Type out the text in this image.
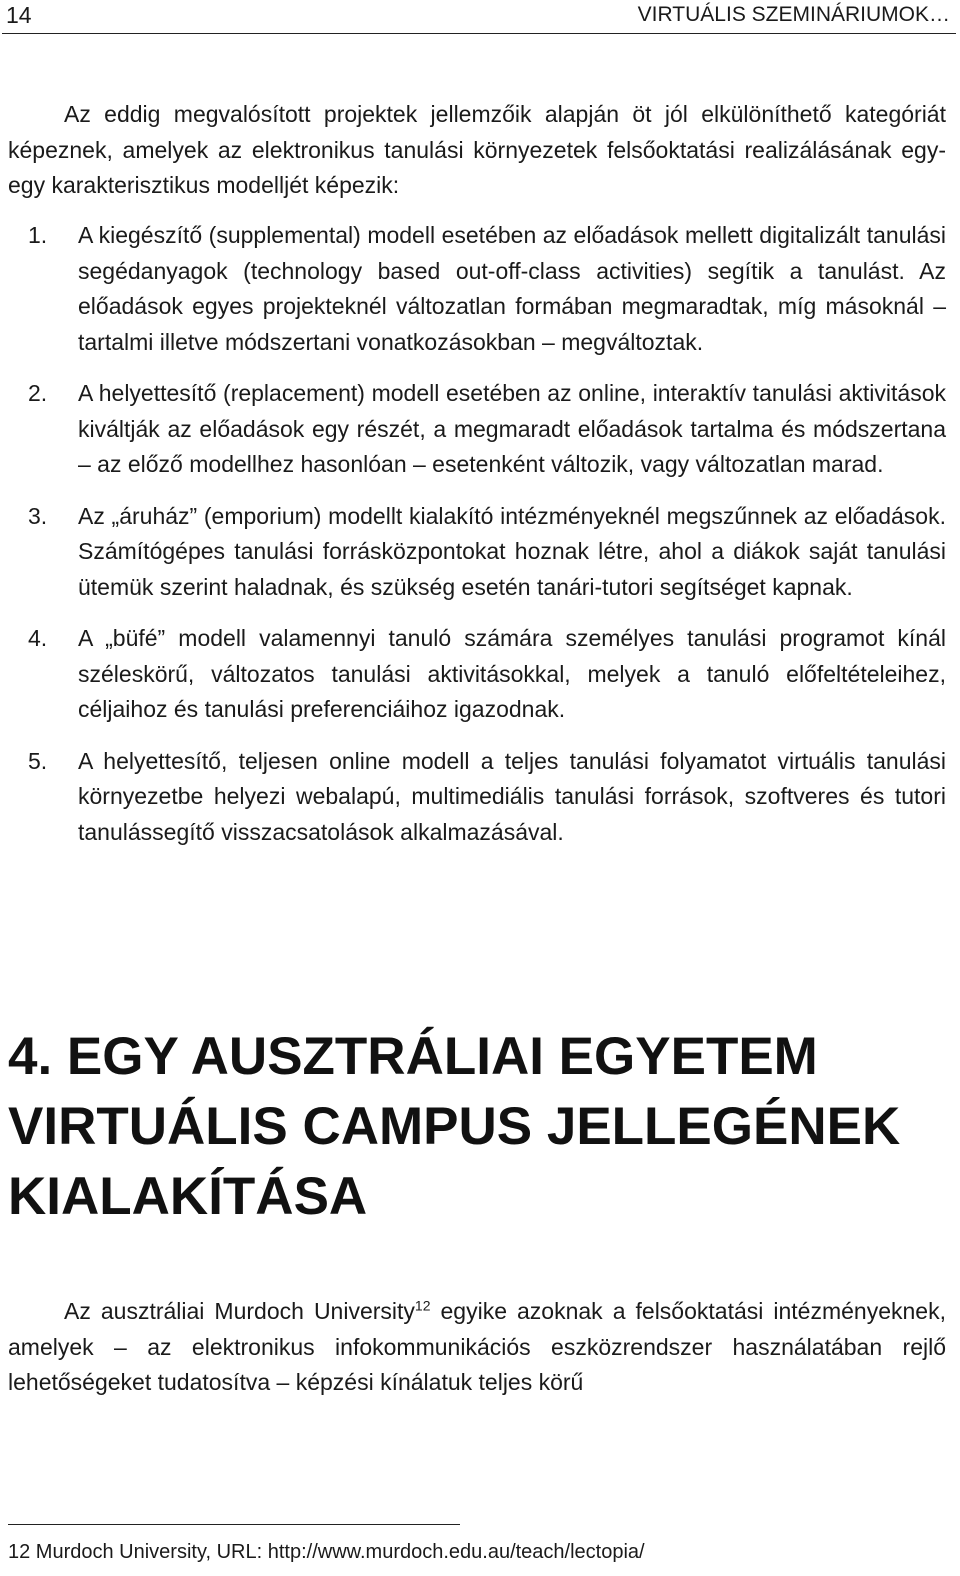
14	VIRTUÁLIS SZEMINÁRIUMOK…

Az eddig megvalósított projektek jellemzőik alapján öt jól elkülöníthető kategóriát képeznek, amelyek az elektronikus tanulási környezetek felsőoktatási realizálásának egy- egy karakterisztikus modelljét képezik:

1. A kiegészítő (supplemental) modell esetében az előadások mellett digitalizált tanulási segédanyagok (technology based out-off-class activities) segítik a tanulást. Az előadások egyes projekteknél változatlan formában megmaradtak, míg másoknál – tartalmi illetve módszertani vonatkozásokban – megváltoztak.
2. A helyettesítő (replacement) modell esetében az online, interaktív tanulási aktivitások kiváltják az előadások egy részét, a megmaradt előadások tartalma és módszertana – az előző modellhez hasonlóan – esetenként változik, vagy változatlan marad.
3. Az „áruház” (emporium) modellt kialakító intézményeknél megszűnnek az előadások. Számítógépes tanulási forrásközpontokat hoznak létre, ahol a diákok saját tanulási ütemük szerint haladnak, és szükség esetén tanári-tutori segítséget kapnak.
4. A „büfé” modell valamennyi tanuló számára személyes tanulási programot kínál széleskörű, változatos tanulási aktivitásokkal, melyek a tanuló előfeltételeihez, céljaihoz és tanulási preferenciáihoz igazodnak.
5. A helyettesítő, teljesen online modell a teljes tanulási folyamatot virtuális tanulási környezetbe helyezi webalapú, multimediális tanulási források, szoftveres és tutori tanulássegítő visszacsatolások alkalmazásával.
4. EGY AUSZTRÁLIAI EGYETEM
VIRTUÁLIS CAMPUS JELLEGÉNEK
KIALAKÍTÁSA

Az ausztráliai Murdoch University$^{12}$ egyike azoknak a felsőoktatási intézményeknek, amelyek – az elektronikus infokommunikációs eszközrendszer használatában rejlő lehetőségeket tudatosítva – képzési kínálatuk teljes körű

12 Murdoch University, URL: http://www.murdoch.edu.au/teach/lectopia/
